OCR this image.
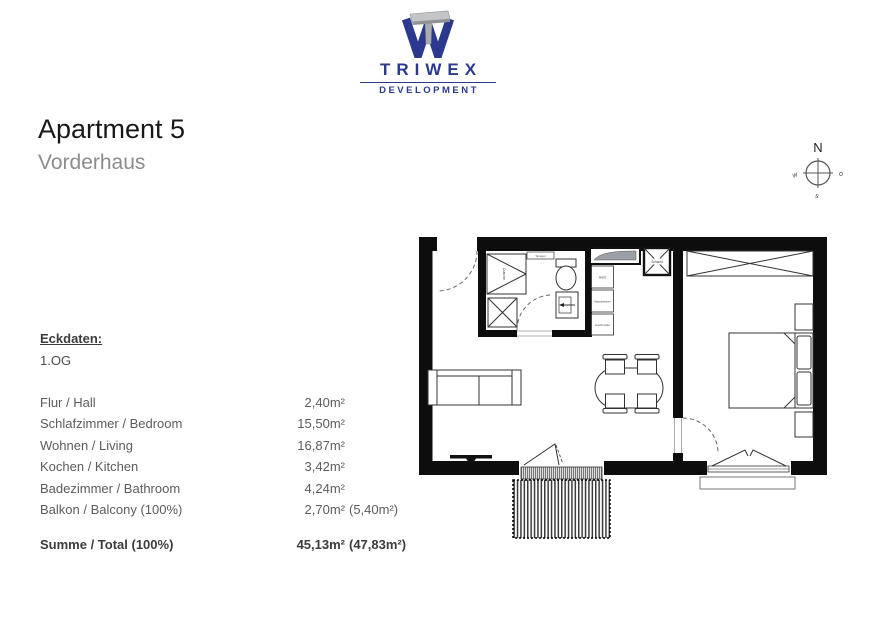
TRIWEX
DEVELOPMENT
Apartment 5
Vorderhaus
N
w	o
s
Eckdaten:
1.OG
Flur / Hall	2,40m²
Schlafzimmer / Bedroom	15,50m²
Wohnen / Living	16,87m²
Kochen / Kitchen	3,42m²
Badezimmer / Bathroom	4,24m²
Balkon / Balcony (100%)	2,70m² (5,40m²)
Summe / Total (100%)	45,13m² (47,83m²)
Dusche
Spiegel
Herd
Waschbecken
Geschirrspüler
Schacht
